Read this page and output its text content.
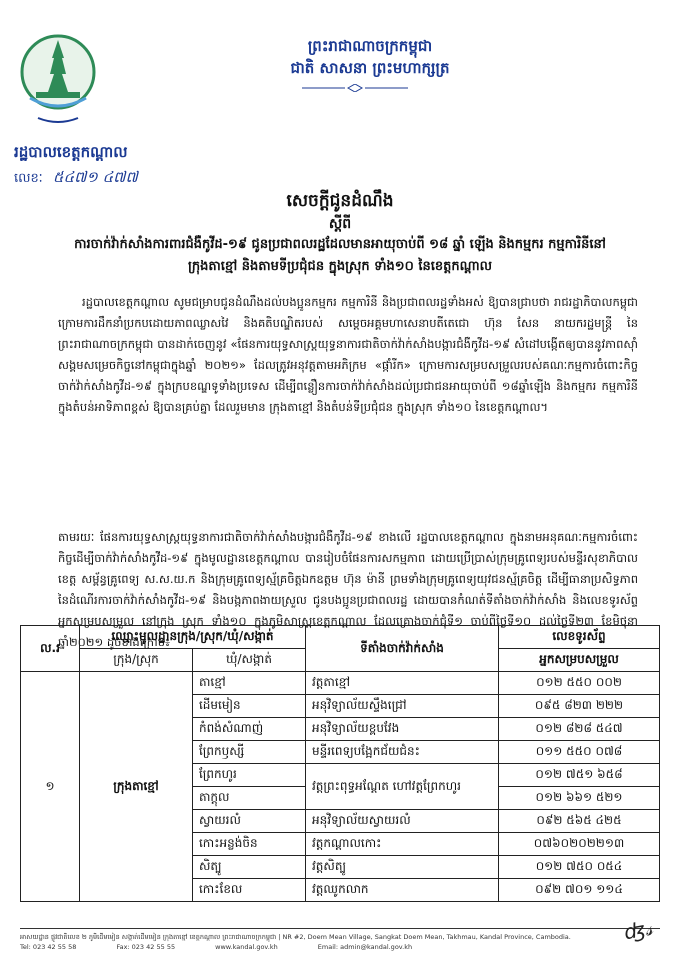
ព្រះរាជាណាចក្រកម្ពុជា
ជាតិ សាសនា ព្រះមហាក្សត្រ
រដ្ឋបាលខេត្តកណ្ដាល
លេខៈ ៥៤៧១ ៤៧៧

សេចក្ដីជូនដំណឹង

ស្ដីពី

ការចាក់វ៉ាក់សាំងការពារជំងឺកូវីដ-១៩ ជូនប្រជាពលរដ្ឋដែលមានអាយុចាប់ពី ១៨ ឆ្នាំ ឡើង និងកម្មករ កម្មការិនីនៅក្រុងតាខ្មៅ និងតាមទីប្រជុំជន ក្នុងស្រុក ទាំង១០ នៃខេត្តកណ្ដាល

រដ្ឋបាលខេត្តកណ្ដាល សូមជម្រាបជូនដំណឹងដល់បងប្អូនកម្មករ កម្មការិនី និងប្រជាពលរដ្ឋទាំងអស់ ឱ្យបានជ្រាបថា រាជរដ្ឋាភិបាលកម្ពុជាក្រោមការដឹកនាំប្រកបដោយភាពឈ្លាសវៃ និងគតិបណ្ឌិតរបស់ សម្ដេចអគ្គមហាសេនាបតីតេជោ ហ៊ុន សែន នាយករដ្ឋមន្ត្រី នៃព្រះរាជាណាចក្រកម្ពុជា បានដាក់ចេញនូវ «ផែនការយុទ្ធសាស្ត្រយុទ្ធនាការជាតិចាក់វ៉ាក់សាំងបង្ការជំងឺកូវីដ-១៩ សំដៅបង្កើតឲ្យបាននូវភាពស៊ាំសង្គមសម្រេចកិច្ចនៅកម្ពុជាក្នុងឆ្នាំ ២០២១» ដែលត្រូវអនុវត្តតាមអភិក្រម «ផ្កាំរីក» ក្រោមការសម្របសម្រួលរបស់គណៈកម្មការចំពោះកិច្ចចាក់វ៉ាក់សាំងកូវីដ-១៩ ក្នុងក្របខណ្ឌទូទាំងប្រទេស ដើម្បីពន្លឿនការចាក់វ៉ាក់សាំងដល់ប្រជាជនអាយុចាប់ពី ១៨ឆ្នាំឡើង និងកម្មករ កម្មការិនី ក្នុងតំបន់អាទិភាពខ្ពស់ ឱ្យបានគ្រប់គ្នា ដែលរួមមាន ក្រុងតាខ្មៅ និងតំបន់ទីប្រជុំជន ក្នុងស្រុក ទាំង១០ នៃខេត្តកណ្ដាល។
តាមរយៈ ផែនការយុទ្ធសាស្ត្រយុទ្ធនាការជាតិចាក់វ៉ាក់សាំងបង្ការជំងឺកូវីដ-១៩ ខាងលើ រដ្ឋបាលខេត្តកណ្ដាល ក្នុងនាមអនុគណៈកម្មការចំពោះកិច្ចដើម្បីចាក់វ៉ាក់សាំងកូវីដ-១៩ ក្នុងមូលដ្ឋានខេត្តកណ្ដាល បានរៀបចំផែនការសកម្មភាព ដោយប្រើប្រាស់ក្រុមគ្រូពេទ្យរបស់មន្ទីរសុខាភិបាលខេត្ត សម្ព័ន្ធគ្រូពេទ្យ ស.ស.យ.ក និងក្រុមគ្រូពេទ្យស្ម័គ្រចិត្តឯកឧត្ដម ហ៊ុន ម៉ានី ព្រមទាំងក្រុមគ្រូពេទ្យយុវជនស្ម័គ្រចិត្ត ដើម្បីធានាប្រសិទ្ធភាពនៃដំណើរការចាក់វ៉ាក់សាំងកូវីដ-១៩ និងបង្កភាពងាយស្រួល ជូនបងប្អូនប្រជាពលរដ្ឋ ដោយបានកំណត់ទីតាំងចាក់វ៉ាក់សាំង និងលេខទូរស័ព្ទអ្នកសម្របសម្រួល នៅក្រុង ស្រុក ទាំង១០ ក្នុងភូមិសាស្ត្រខេត្តកណ្ដាល ដែលគ្រោងចាក់ជុំទី១ ចាប់ពីថ្ងៃទី១០ ដល់ថ្ងៃទី២៣ ខែមិថុនា ឆ្នាំ២០២១ ដូចខាងក្រោម៖
ល.រ	ឈ្មោះមូលដ្ឋានក្រុង/ស្រុក/ឃុំ/សង្កាត់		ទីតាំងចាក់វ៉ាក់សាំង	លេខទូរស័ព្ទ
	ក្រុង/ស្រុក	ឃុំ/សង្កាត់		អ្នកសម្របសម្រួល
១	ក្រុងតាខ្មៅ	តាខ្មៅ	វត្តតាខ្មៅ	០១២ ៥៥០ ០០២
		ដើមមៀន	អនុវិទ្យាល័យស្ទឹងជ្រៅ	០៩៥ ៨២៣ ២២២
		កំពង់សំណាញ់	អនុវិទ្យាល័យខ្ពបវែង	០១២ ៨២៨ ៥៤៧
		ព្រែកឫស្សី	មន្ទីរពេទ្យបង្អែកជ័យជំនះ	០១១ ៥៥០ ០៧៨
		ព្រែកហូរ	វត្តព្រះពុទ្ធអណ្ដែត ហៅវត្តព្រែកហូរ	០១២ ៧៥១ ៦៥៨
		តាក្ដុល		០១២ ៦៦១ ៥២១
		ស្វាយរលំ	អនុវិទ្យាល័យស្វាយរលំ	០៩២ ៥៦៥ ៤២៥
		កោះអន្លង់ចិន	វត្តកណ្ដាលកោះ	០៧៦០២០២២១៣
		សិត្បូ	វត្តសិត្បូ	០១២ ៧៥០ ០៥៤
		កោះខែល	វត្តឈូកលាក	០៩២ ៧០១ ១១៤
អាសយដ្ឋាន ផ្លូវជាតិលេខ ២ ភូមិដើមមៀន សង្កាត់ដើមមៀន ក្រុងតាខ្មៅ ខេត្តកណ្ដាល ព្រះរាជាណាចក្រកម្ពុជា | NR #2, Doem Mean Village, Sangkat Doem Mean, Takhmau, Kandal Province, Cambodia.
Tel: 023 42 55 58	Fax: 023 42 55 55	www.kandal.gov.kh	Email: admin@kandal.gov.kh
ʤ𝓈
